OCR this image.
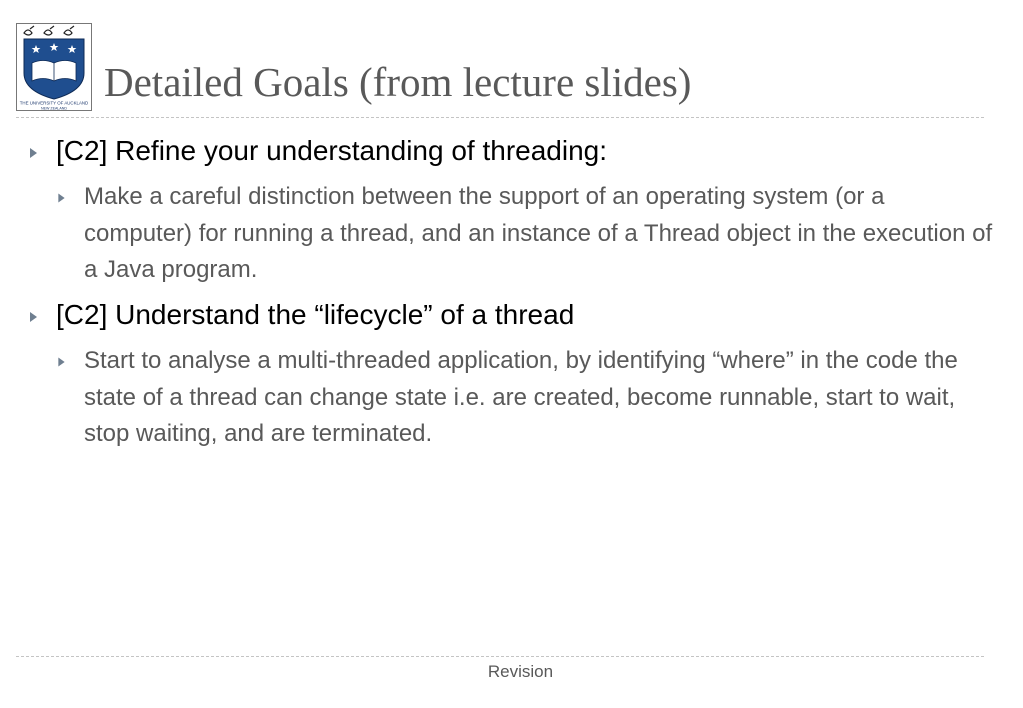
THE UNIVERSITY OF AUCKLAND
NEW ZEALAND
Detailed Goals (from lecture slides)
[C2] Refine your understanding of threading:
Make a careful distinction between the support of an operating system (or a computer) for running a thread, and an instance of a Thread object in the execution of a Java program.
[C2] Understand the “lifecycle” of a thread
Start to analyse a multi-threaded application, by identifying “where” in the code the state of a thread can change state i.e. are created, become runnable, start to wait, stop waiting, and are terminated.
Revision
